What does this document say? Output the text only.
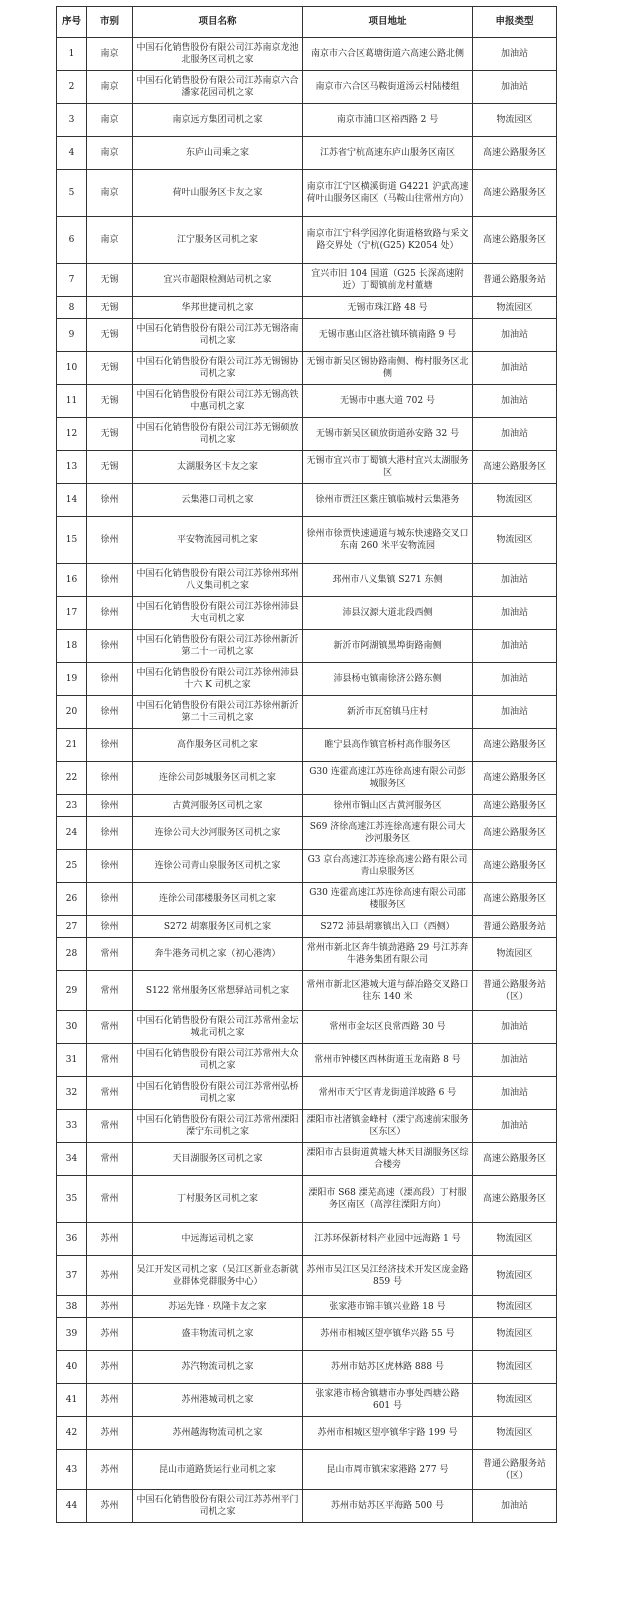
序号	市别	项目名称	项目地址	申报类型
1	南京	中国石化销售股份有限公司江苏南京龙池北服务区司机之家	南京市六合区葛塘街道六高速公路北侧	加油站
2	南京	中国石化销售股份有限公司江苏南京六合潘家花园司机之家	南京市六合区马鞍街道汤云村陆楼组	加油站
3	南京	南京远方集团司机之家	南京市浦口区裕西路 2 号	物流园区
4	南京	东庐山司乘之家	江苏省宁杭高速东庐山服务区南区	高速公路服务区
5	南京	荷叶山服务区卡友之家	南京市江宁区横溪街道 G4221 沪武高速荷叶山服务区南区（马鞍山往常州方向）	高速公路服务区
6	南京	江宁服务区司机之家	南京市江宁科学园淳化街道格致路与采文路交界处（宁杭(G25) K2054 处）	高速公路服务区
7	无锡	宜兴市超限检测站司机之家	宜兴市旧 104 国道（G25 长深高速附近）丁蜀镇前龙村董塘	普通公路服务站
8	无锡	华邦世捷司机之家	无锡市珠江路 48 号	物流园区
9	无锡	中国石化销售股份有限公司江苏无锡洛南司机之家	无锡市惠山区洛社镇环镇南路 9 号	加油站
10	无锡	中国石化销售股份有限公司江苏无锡锡协司机之家	无锡市新吴区锡协路南侧、梅村服务区北侧	加油站
11	无锡	中国石化销售股份有限公司江苏无锡高铁中惠司机之家	无锡市中惠大道 702 号	加油站
12	无锡	中国石化销售股份有限公司江苏无锡硕放司机之家	无锡市新吴区硕放街道孙安路 32 号	加油站
13	无锡	太湖服务区卡友之家	无锡市宜兴市丁蜀镇大港村宜兴太湖服务区	高速公路服务区
14	徐州	云集港口司机之家	徐州市贾汪区紫庄镇临城村云集港务	物流园区
15	徐州	平安物流园司机之家	徐州市徐贾快速通道与城东快速路交叉口东南 260 米平安物流园	物流园区
16	徐州	中国石化销售股份有限公司江苏徐州邳州八义集司机之家	邳州市八义集镇 S271 东侧	加油站
17	徐州	中国石化销售股份有限公司江苏徐州沛县大屯司机之家	沛县汉源大道北段西侧	加油站
18	徐州	中国石化销售股份有限公司江苏徐州新沂第二十一司机之家	新沂市阿湖镇黑埠街路南侧	加油站
19	徐州	中国石化销售股份有限公司江苏徐州沛县十六 K 司机之家	沛县杨屯镇南徐济公路东侧	加油站
20	徐州	中国石化销售股份有限公司江苏徐州新沂第二十三司机之家	新沂市瓦窑镇马庄村	加油站
21	徐州	高作服务区司机之家	睢宁县高作镇官桥村高作服务区	高速公路服务区
22	徐州	连徐公司彭城服务区司机之家	G30 连霍高速江苏连徐高速有限公司彭城服务区	高速公路服务区
23	徐州	古黄河服务区司机之家	徐州市铜山区古黄河服务区	高速公路服务区
24	徐州	连徐公司大沙河服务区司机之家	S69 济徐高速江苏连徐高速有限公司大沙河服务区	高速公路服务区
25	徐州	连徐公司青山泉服务区司机之家	G3 京台高速江苏连徐高速公路有限公司青山泉服务区	高速公路服务区
26	徐州	连徐公司邵楼服务区司机之家	G30 连霍高速江苏连徐高速有限公司邵楼服务区	高速公路服务区
27	徐州	S272 胡寨服务区司机之家	S272 沛县胡寨镇出入口（西侧）	普通公路服务站
28	常州	奔牛港务司机之家（初心港湾）	常州市新北区奔牛镇劲港路 29 号江苏奔牛港务集团有限公司	物流园区
29	常州	S122 常州服务区常想驿站司机之家	常州市新北区港城大道与薛冶路交叉路口往东 140 米	普通公路服务站（区）
30	常州	中国石化销售股份有限公司江苏常州金坛城北司机之家	常州市金坛区良常西路 30 号	加油站
31	常州	中国石化销售股份有限公司江苏常州大众司机之家	常州市钟楼区西林街道玉龙南路 8 号	加油站
32	常州	中国石化销售股份有限公司江苏常州弘桥司机之家	常州市天宁区青龙街道洋坡路 6 号	加油站
33	常州	中国石化销售股份有限公司江苏常州溧阳溧宁东司机之家	溧阳市社渚镇金峰村（溧宁高速前宋服务区东区）	加油站
34	常州	天目湖服务区司机之家	溧阳市古县街道黄墟大林天目湖服务区综合楼旁	高速公路服务区
35	常州	丁村服务区司机之家	溧阳市 S68 溧芜高速（溧高段）丁村服务区南区（高淳往溧阳方向）	高速公路服务区
36	苏州	中远海运司机之家	江苏环保新材料产业园中远海路 1 号	物流园区
37	苏州	吴江开发区司机之家（吴江区新业态新就业群体党群服务中心）	苏州市吴江区吴江经济技术开发区庞金路 859 号	物流园区
38	苏州	苏运先锋 · 玖隆卡友之家	张家港市锦丰镇兴业路 18 号	物流园区
39	苏州	盛丰物流司机之家	苏州市相城区望亭镇华兴路 55 号	物流园区
40	苏州	苏汽物流司机之家	苏州市姑苏区虎林路 888 号	物流园区
41	苏州	苏州港城司机之家	张家港市杨舍镇塘市办事处西塘公路 601 号	物流园区
42	苏州	苏州越海物流司机之家	苏州市相城区望亭镇华宇路 199 号	物流园区
43	苏州	昆山市道路货运行业司机之家	昆山市周市镇宋家港路 277 号	普通公路服务站（区）
44	苏州	中国石化销售股份有限公司江苏苏州平门司机之家	苏州市姑苏区平海路 500 号	加油站
